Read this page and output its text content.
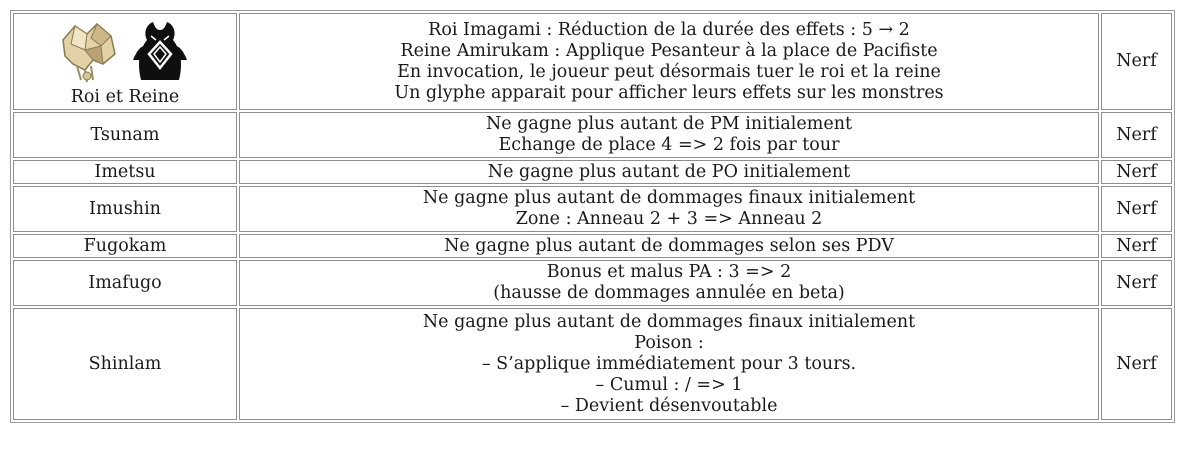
Roi et Reine	Roi Imagami : Réduction de la durée des effets : 5 → 2
Reine Amirukam : Applique Pesanteur à la place de Pacifiste
En invocation, le joueur peut désormais tuer le roi et la reine
Un glyphe apparait pour afficher leurs effets sur les monstres	Nerf
Tsunam	Ne gagne plus autant de PM initialement
Echange de place 4 => 2 fois par tour	Nerf
Imetsu	Ne gagne plus autant de PO initialement	Nerf
Imushin	Ne gagne plus autant de dommages finaux initialement
Zone : Anneau 2 + 3 => Anneau 2	Nerf
Fugokam	Ne gagne plus autant de dommages selon ses PDV	Nerf
Imafugo	Bonus et malus PA : 3 => 2
(hausse de dommages annulée en beta)	Nerf
Shinlam	Ne gagne plus autant de dommages finaux initialement
Poison :
– S’applique immédiatement pour 3 tours.
– Cumul : / => 1
– Devient désenvoutable	Nerf
